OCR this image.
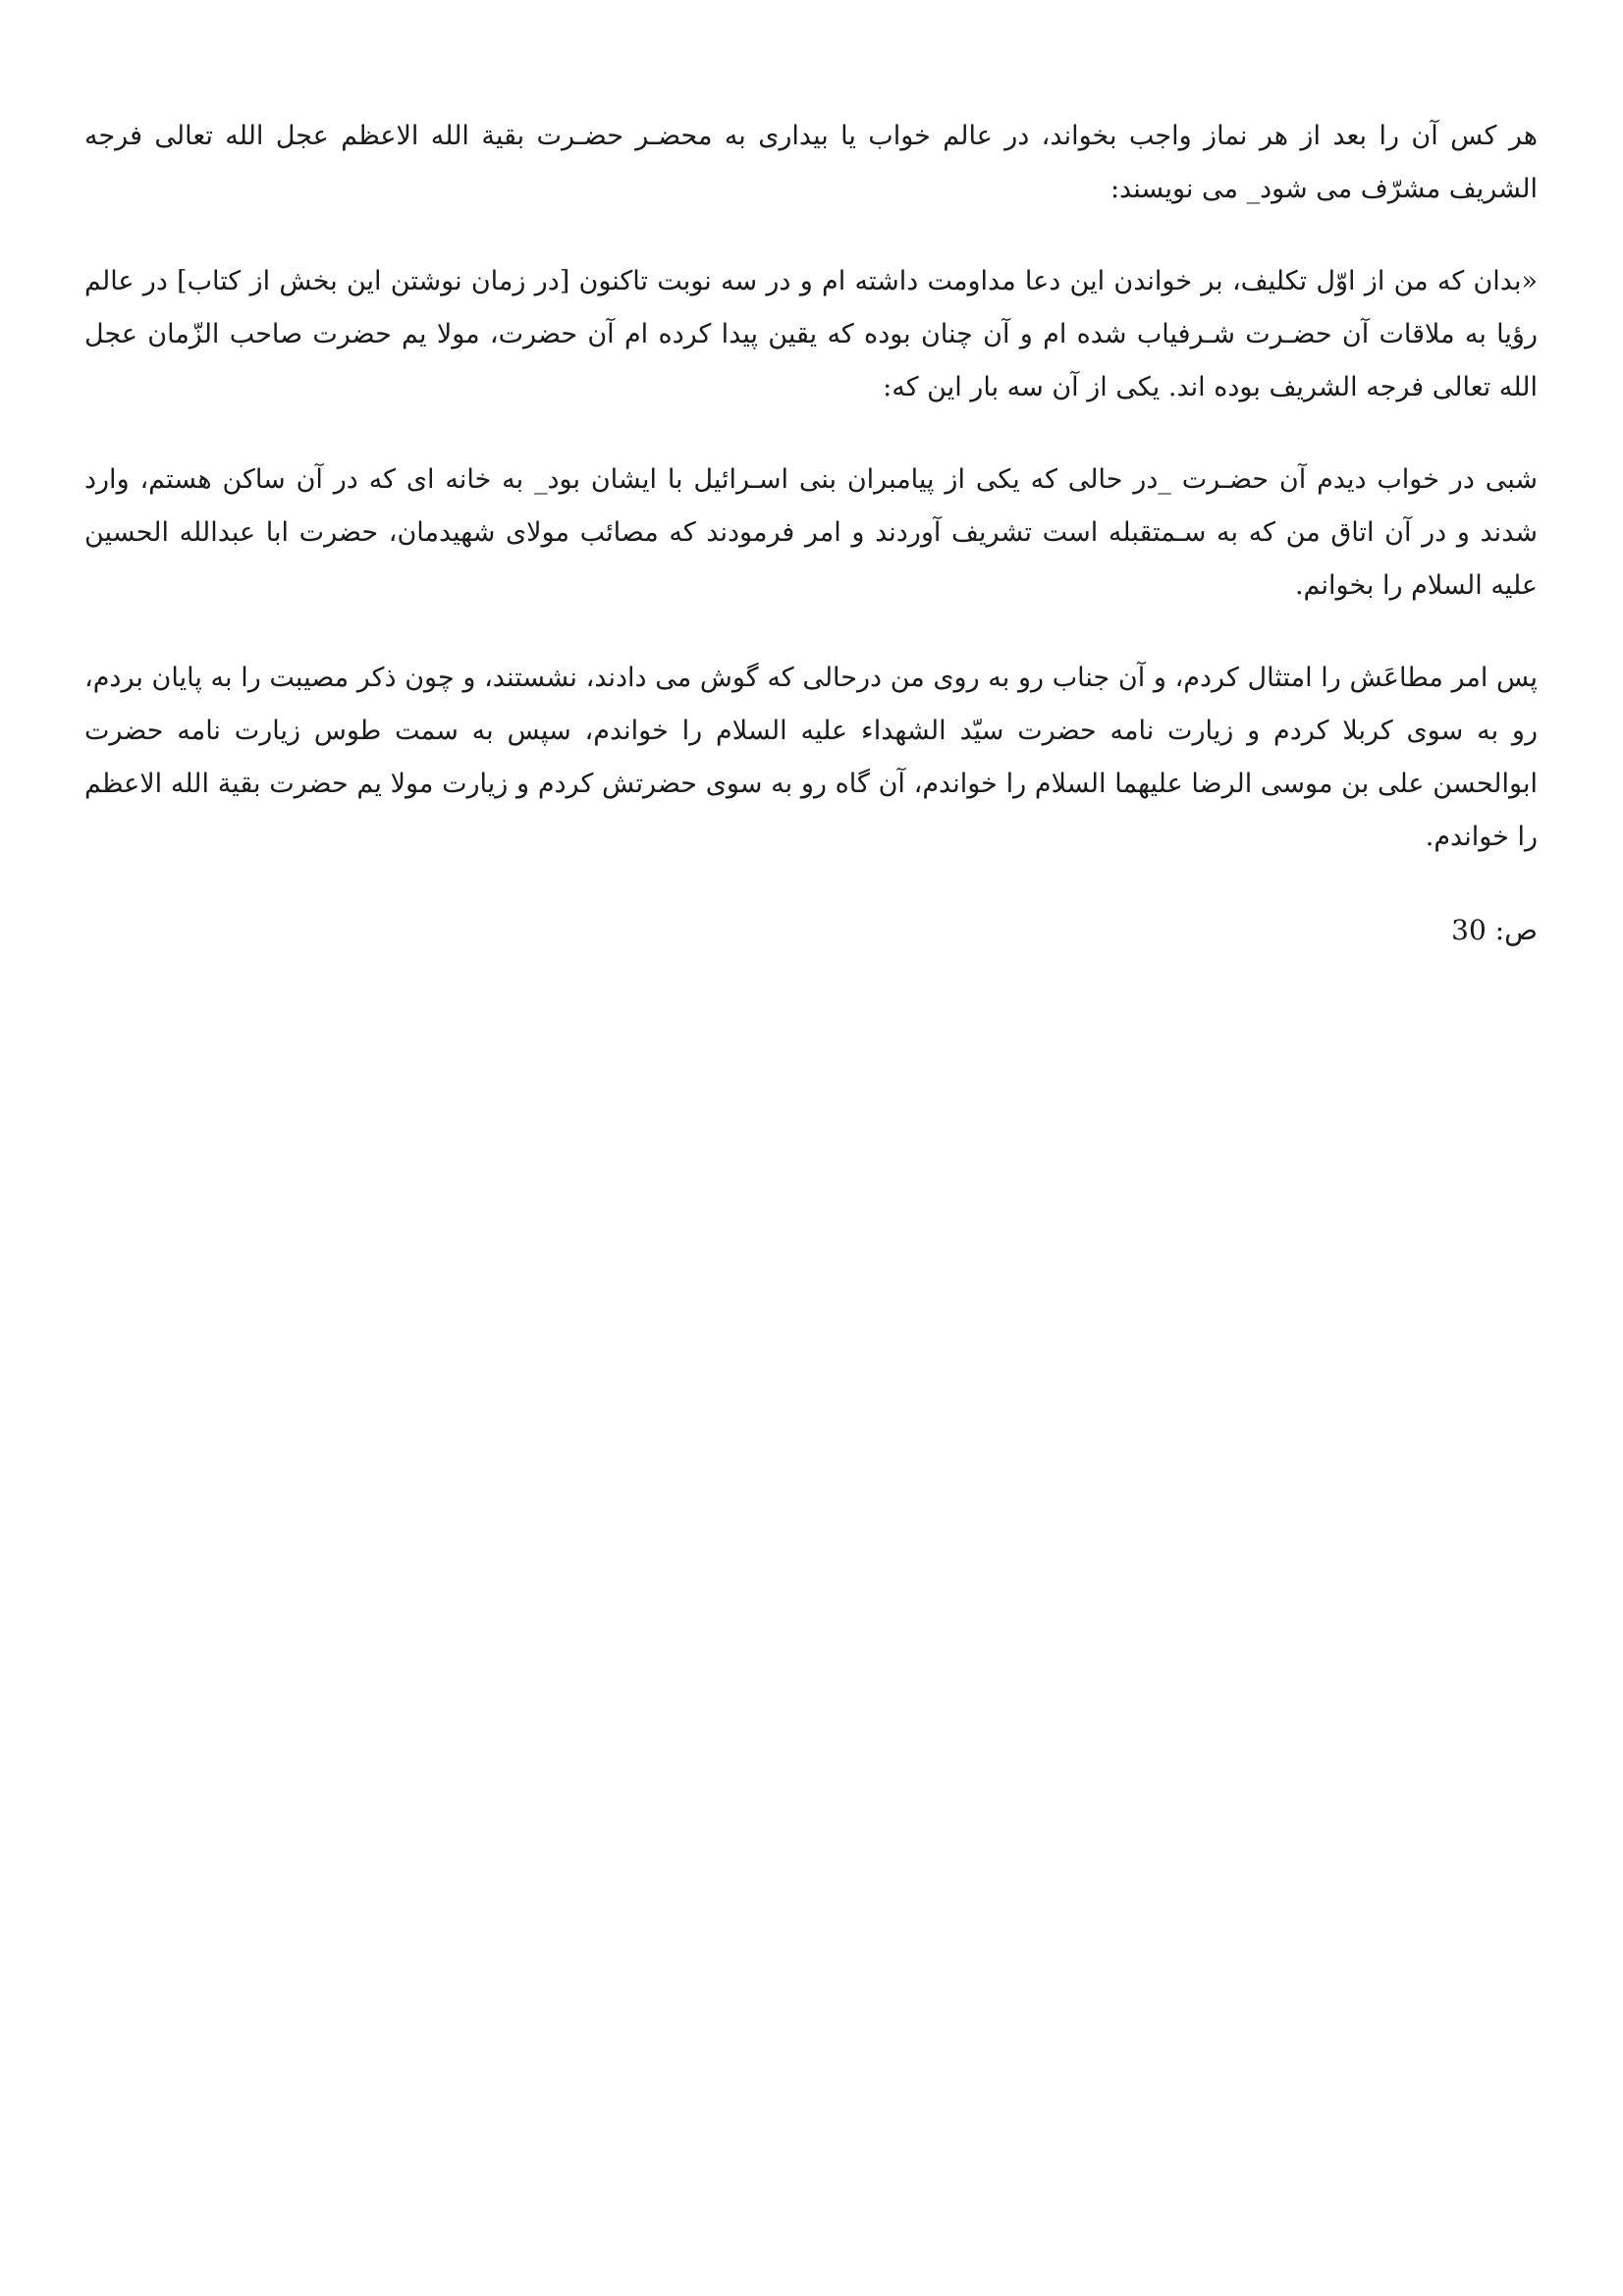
هر کس آن را بعد از هر نماز واجب بخواند، در عالم خواب یا بیداری به محضـر حضـرت بقیة الله الاعظم عجل الله تعالی فرجه الشریف مشرّف می شود_ می نویسند:

«بدان که من از اوّل تکلیف، بر خواندن این دعا مداومت داشته ام و در سه نوبت تاکنون [در زمان نوشتن این بخش از کتاب] در عالم رؤیا به ملاقات آن حضـرت شـرفیاب شده ام و آن چنان بوده که یقین پیدا کرده ام آن حضرت، مولا یم حضرت صاحب الزّمان عجل الله تعالی فرجه الشریف بوده اند. یکی از آن سه بار این که:

شبی در خواب دیدم آن حضـرت _در حالی که یکی از پیامبران بنی اسـرائیل با ایشان بود_ به خانه ای که در آن ساکن هستم، وارد شدند و در آن اتاق من که به سـمتقبله است تشریف آوردند و امر فرمودند که مصائب مولای شهیدمان، حضرت ابا عبدالله الحسین علیه السلام را بخوانم.

پس امر مطاعَش را امتثال کردم، و آن جناب رو به روی من درحالی که گوش می دادند، نشستند، و چون ذکر مصیبت را به پایان بردم، رو به سوی کربلا کردم و زیارت نامه حضرت سیّد الشهداء علیه السلام را خواندم، سپس به سمت طوس زیارت نامه حضرت ابوالحسن علی بن موسی الرضا علیهما السلام را خواندم، آن گاه رو به سوی حضرتش کردم و زیارت مولا یم حضرت بقیة الله الاعظم را خواندم.

ص: 30
